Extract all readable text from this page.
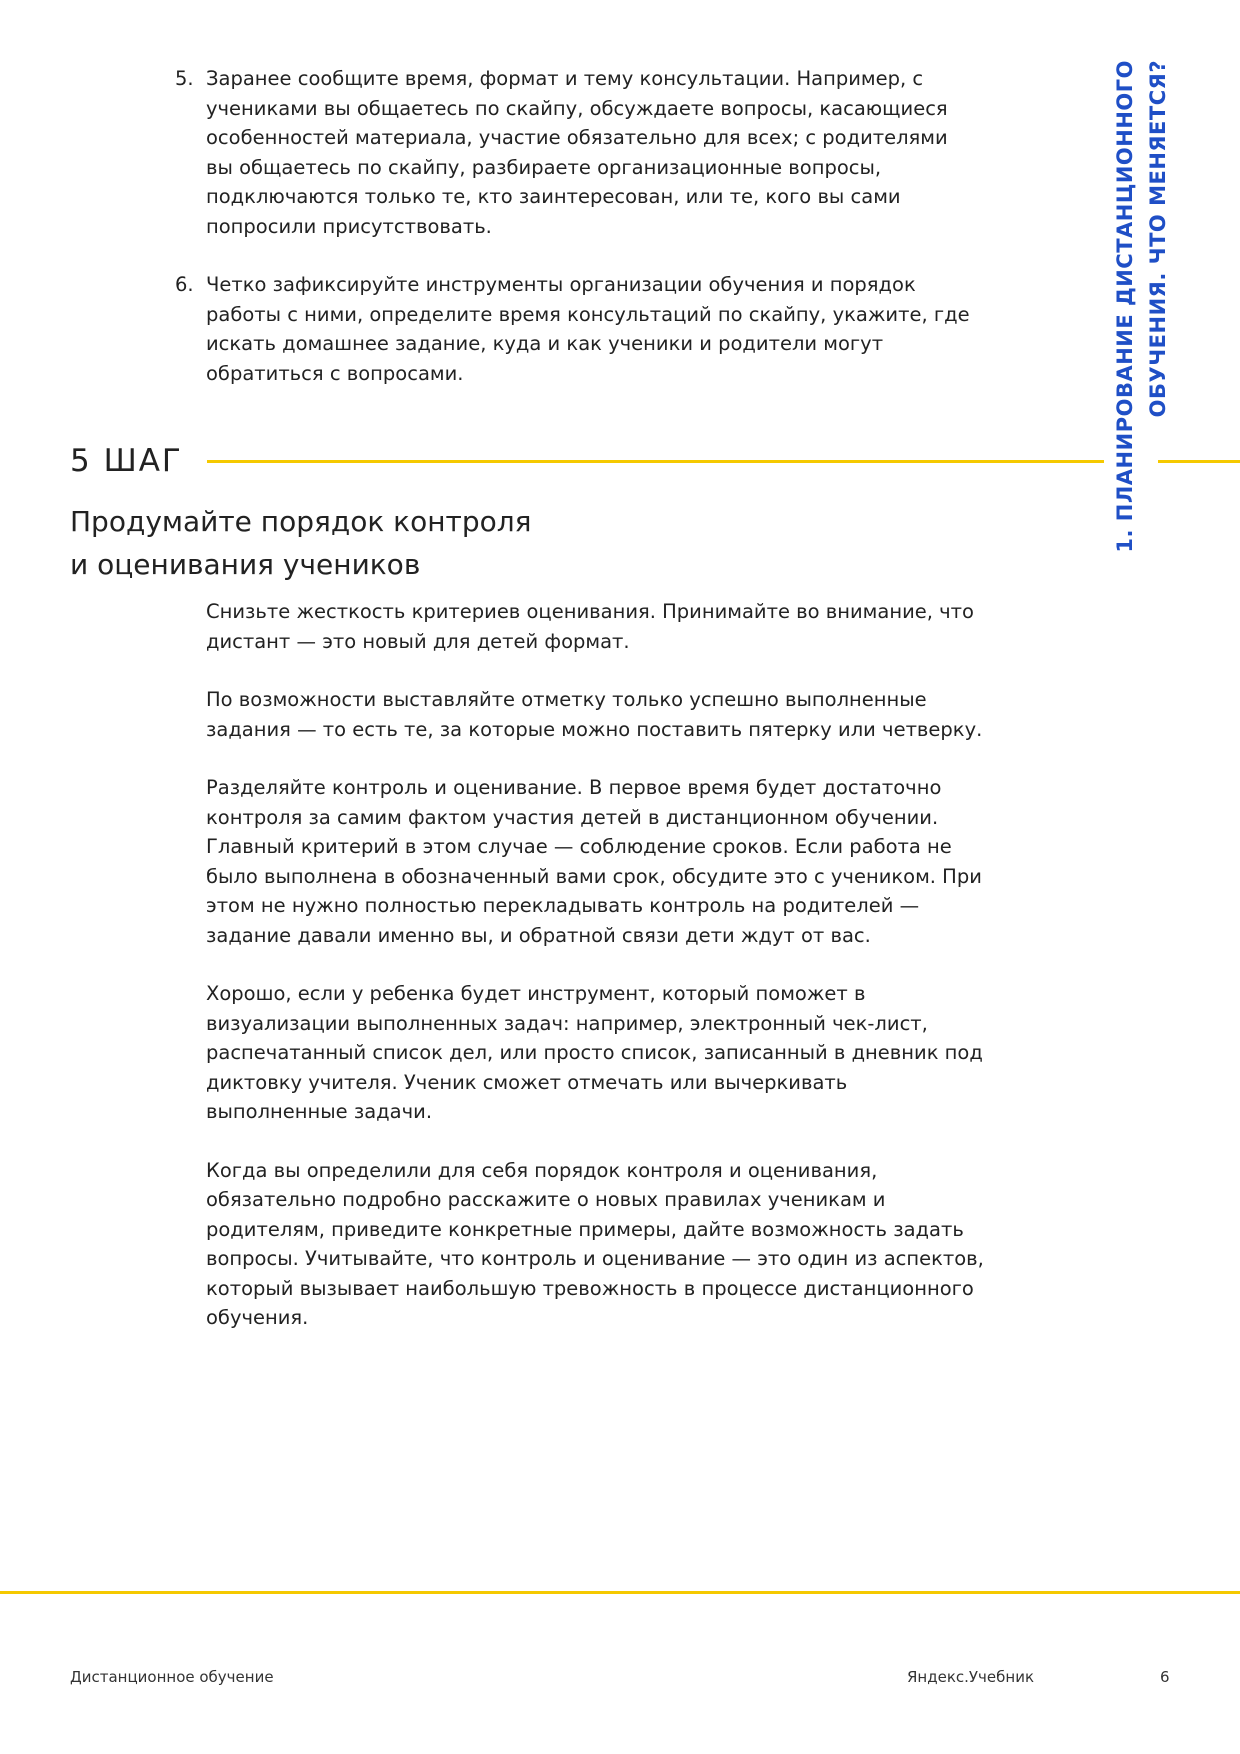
5. Заранее сообщите время, формат и тему консультации. Например, с учениками вы общаетесь по скайпу, обсуждаете вопросы, касающиеся особенностей материала, участие обязательно для всех; с родителями вы общаетесь по скайпу, разбираете организационные вопросы, подключаются только те, кто заинтересован, или те, кого вы сами попросили присутствовать.
6. Четко зафиксируйте инструменты организации обучения и порядок работы с ними, определите время консультаций по скайпу, укажите, где искать домашнее задание, куда и как ученики и родители могут обратиться с вопросами.
5 ШАГ
Продумайте порядок контроля
и оценивания учеников

Снизьте жесткость критериев оценивания. Принимайте во внимание, что дистант — это новый для детей формат.

По возможности выставляйте отметку только успешно выполненные задания — то есть те, за которые можно поставить пятерку или четверку.

Разделяйте контроль и оценивание. В первое время будет достаточно контроля за самим фактом участия детей в дистанционном обучении. Главный критерий в этом случае — соблюдение сроков. Если работа не было выполнена в обозначенный вами срок, обсудите это с учеником. При этом не нужно полностью перекладывать контроль на родителей — задание давали именно вы, и обратной связи дети ждут от вас.

Хорошо, если у ребенка будет инструмент, который поможет в визуализации выполненных задач: например, электронный чек-лист, распечатанный список дел, или просто список, записанный в дневник под диктовку учителя. Ученик сможет отмечать или вычеркивать выполненные задачи.

Когда вы определили для себя порядок контроля и оценивания, обязательно подробно расскажите о новых правилах ученикам и родителям, приведите конкретные примеры, дайте возможность задать вопросы. Учитывайте, что контроль и оценивание — это один из аспектов, который вызывает наибольшую тревожность в процессе дистанционного обучения.

1. ПЛАНИРОВАНИЕ ДИСТАНЦИОННОГО ОБУЧЕНИЯ. ЧТО МЕНЯЕТСЯ?
Дистанционное обучение	Яндекс.Учебник	6
